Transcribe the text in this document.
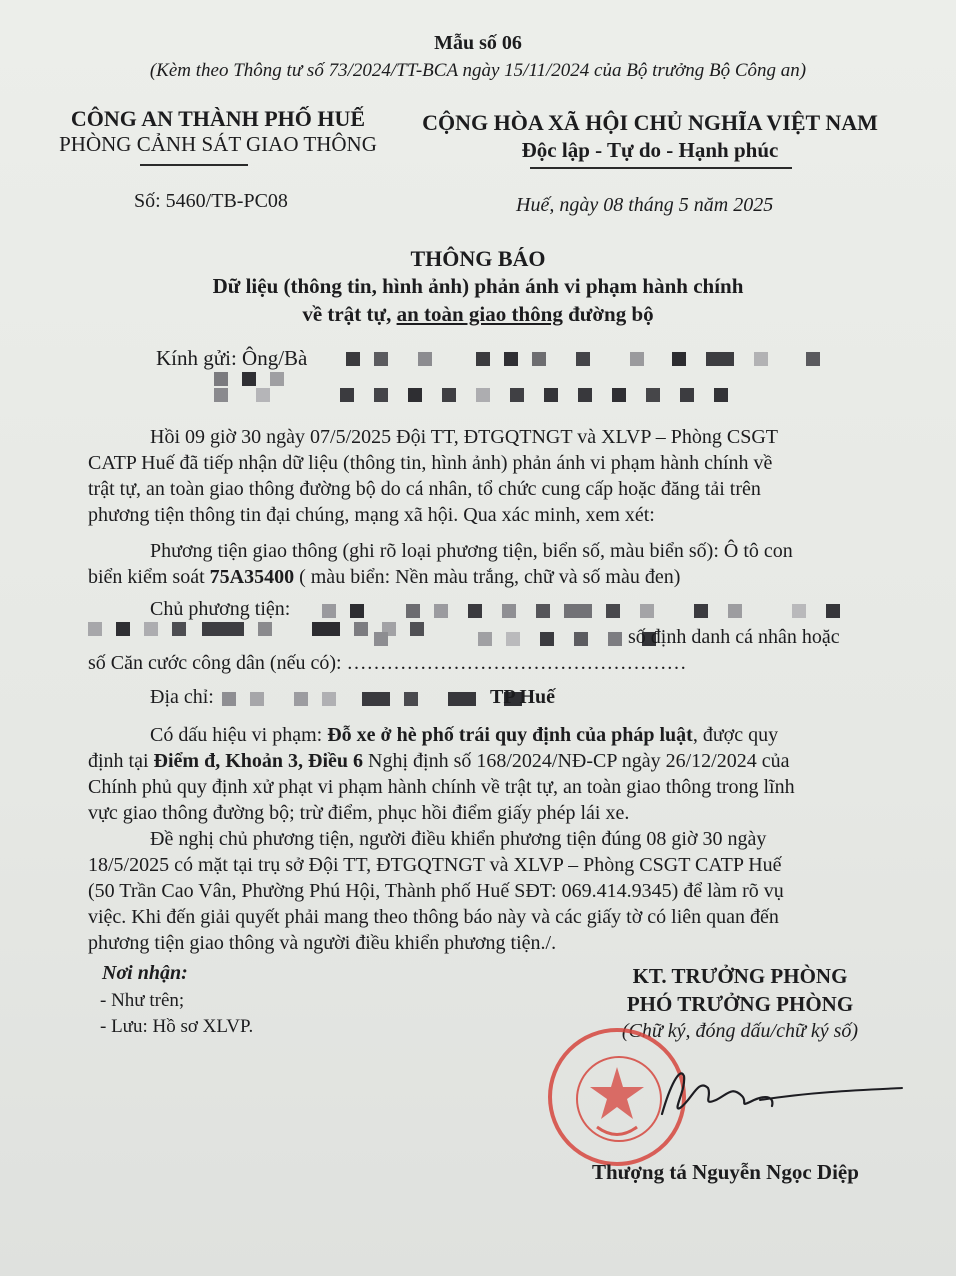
Mẫu số 06
(Kèm theo Thông tư số 73/2024/TT-BCA ngày 15/11/2024 của Bộ trưởng Bộ Công an)
CÔNG AN THÀNH PHỐ HUẾ
PHÒNG CẢNH SÁT GIAO THÔNG
Số: 5460/TB-PC08
CỘNG HÒA XÃ HỘI CHỦ NGHĨA VIỆT NAM
Độc lập - Tự do - Hạnh phúc
Huế, ngày 08 tháng 5 năm 2025
THÔNG BÁO
Dữ liệu (thông tin, hình ảnh) phản ánh vi phạm hành chính
về trật tự, an toàn giao thông đường bộ
Kính gửi: Ông/Bà
Hồi 09 giờ 30 ngày 07/5/2025 Đội TT, ĐTGQTNGT và XLVP – Phòng CSGT
CATP Huế đã tiếp nhận dữ liệu (thông tin, hình ảnh) phản ánh vi phạm hành chính về
trật tự, an toàn giao thông đường bộ do cá nhân, tổ chức cung cấp hoặc đăng tải trên
phương tiện thông tin đại chúng, mạng xã hội. Qua xác minh, xem xét:
Phương tiện giao thông (ghi rõ loại phương tiện, biển số, màu biển số): Ô tô con
biển kiểm soát 75A35400 ( màu biển: Nền màu trắng, chữ và số màu đen)
Chủ phương tiện:
số định danh cá nhân hoặc
số Căn cước công dân (nếu có): ……………………………………………
Địa chỉ:	TP Huế
Có dấu hiệu vi phạm: Đỗ xe ở hè phố trái quy định của pháp luật, được quy
định tại Điểm đ, Khoản 3, Điều 6 Nghị định số 168/2024/NĐ-CP ngày 26/12/2024 của
Chính phủ quy định xử phạt vi phạm hành chính về trật tự, an toàn giao thông trong lĩnh
vực giao thông đường bộ; trừ điểm, phục hồi điểm giấy phép lái xe.
Đề nghị chủ phương tiện, người điều khiển phương tiện đúng 08 giờ 30 ngày
18/5/2025 có mặt tại trụ sở Đội TT, ĐTGQTNGT và XLVP – Phòng CSGT CATP Huế
(50 Trần Cao Vân, Phường Phú Hội, Thành phố Huế SĐT: 069.414.9345) để làm rõ vụ
việc. Khi đến giải quyết phải mang theo thông báo này và các giấy tờ có liên quan đến
phương tiện giao thông và người điều khiển phương tiện./.
Nơi nhận:
- Như trên;
- Lưu: Hồ sơ XLVP.
KT. TRƯỞNG PHÒNG
PHÓ TRƯỞNG PHÒNG
(Chữ ký, đóng dấu/chữ ký số)
Thượng tá Nguyễn Ngọc Diệp
